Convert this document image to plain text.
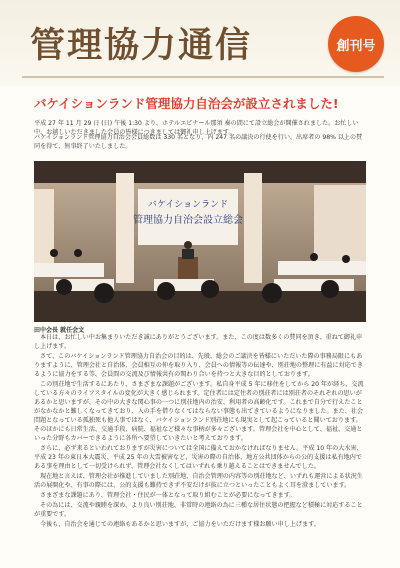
管理協力通信	創刊号
バケイションランド管理協力自治会が設立されました!
平成 27 年 11 月 29 日 (日) 午後 1:30 より、ホテルエピナール那須 奏の間にて設立総会が開催されました。お忙しい中、お越しいただきました会員の皆様につきましては御礼申し上げます。
バケイションランド管理協力自治会会員総数は 330 名となり、内 247 名の議決の行使を行い、出席者の 98% 以上の賛同を得て、無事終了いたしました。
バケイションランド
管理協力自治会設立総会
田中会長 就任会文

本日は、お忙しい中お集まりいただき誠にありがとうございます。また、この度は数多くの賛同を頂き、重ねて御礼申し上げます。

さて、このバケイションランド管理協力自治会の目的は、先般、総会のご議決を皆様にいただいた際の事務局限にもありますように、管理会社と自治体、会員相互の仲を取り入り、会員への情報等の伝達や、別荘地の整理に有益に対応できるように協力をする等、会員間の交流及び情報共有の関わり合いを持つと大きな目的としております。

この別荘地で生活するにあたり、さまざまな課題がございます。私自身平成 5 年に移住をしてから 20 年が経ち、交流している方々のライフスタイルの変化が大きく感じられます。定住者には定住者の別荘者には別荘者のそれぞれの思いがあるかと思いますが、その中の大きな関心事の一つに別荘地内の治安、利用者の高齢化です。これまで自分で行えたことがなかなかと難しくなってきており、入の手を借りなくてはならない事態も出てきているようになりました。また、社会問題となっている孤独死も他人事ではなく、バケイションランド別荘地にも現実として起こっていると聞いております。そのほかにも日常生活、交通手段、病院、福祉など様々な事柄が多々ございます。管理会社を中心として、福祉、交通といった分野もカバーできるように各所へ要望していきたいと考えております。

さらに、必ず来るといわれておりますが災害については全国に備えておかなければなりません。平成 10 年の大水害、平成 23 年の東日本大震災、平成 25 年の大雪被害など、災害の際の自治体、地方公共団体からの公的支援は私有地内である事を理由として一切受けられず、管理会社なくしてはいずれも乗り越えることはできませんでした。

現在地と言えば、管理会社が推進していました別荘地、自治会管理の内容等の別荘地など、いずれも運営による状況生活の展開化や、有事の際には、公的支援も難持できず不安だけが抜に立つといったこともよく耳を澄ましています。

さまざまな課題にあり、管理会社・住民が一体となって取り組むことが必要になってきます。

その為には、交流や親睦を深め、より良い別荘地、非常時の連絡の為に三種な居住状態の把握など積極に対応することが重要です。

今後も、自治会を通じての連絡もあるかと思いますが、ご協力をいただけます様お願い申し上げます。
